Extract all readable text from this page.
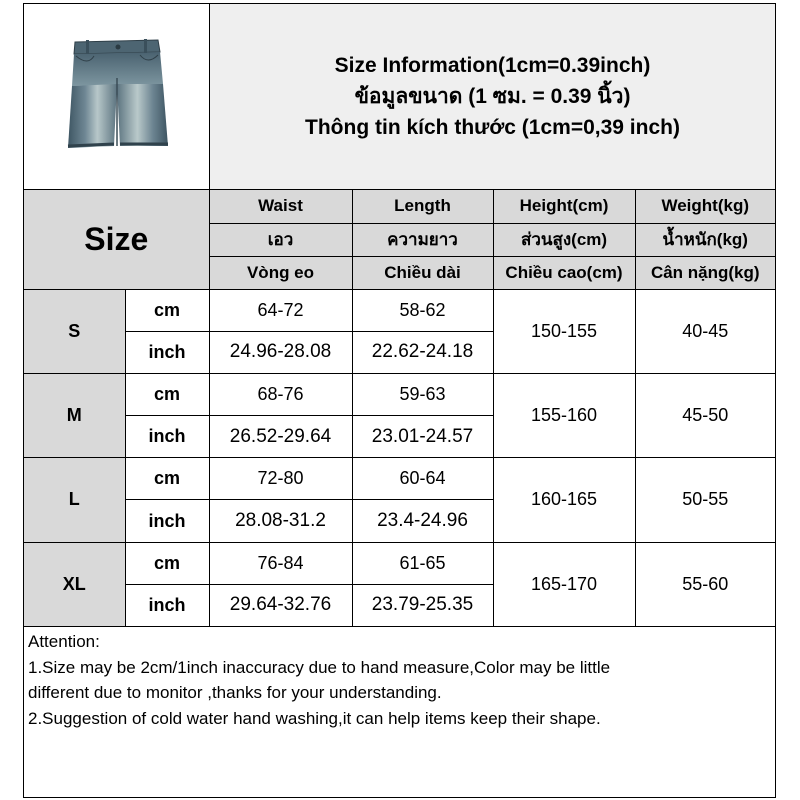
Size Information(1cm=0.39inch)
ข้อมูลขนาด (1 ซม. = 0.39 นิ้ว)
Thông tin kích thước (1cm=0,39 inch)
Size		Waist	Length	Height(cm)	Weight(kg)
		เอว	ความยาว	ส่วนสูง(cm)	น้ำหนัก(kg)
		Vòng eo	Chiều dài	Chiều cao(cm)	Cân nặng(kg)
S	cm	64-72	58-62	150-155	40-45
	inch	24.96-28.08	22.62-24.18		
M	cm	68-76	59-63	155-160	45-50
	inch	26.52-29.64	23.01-24.57		
L	cm	72-80	60-64	160-165	50-55
	inch	28.08-31.2	23.4-24.96		
XL	cm	76-84	61-65	165-170	55-60
	inch	29.64-32.76	23.79-25.35		
Attention:
1.Size may be 2cm/1inch inaccuracy due to hand measure,Color may be little
different due to monitor ,thanks for your understanding.
2.Suggestion of cold water hand washing,it can help items keep their shape.
